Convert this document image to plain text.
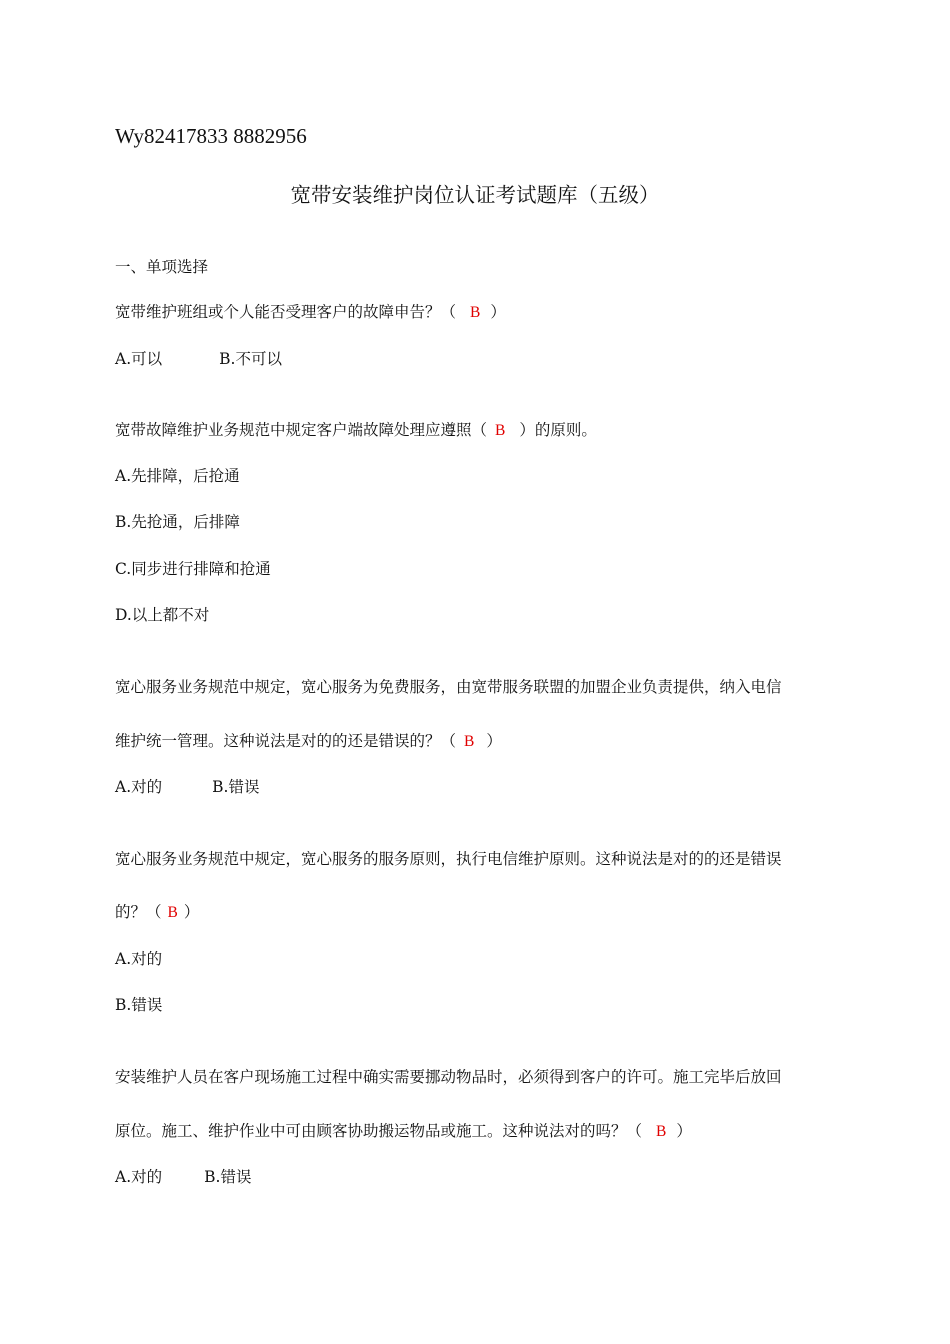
Wy82417833 8882956
宽带安装维护岗位认证考试题库（五级）
一、单项选择
宽带维护班组或个人能否受理客户的故障申告？（ B ）
A.可以	B.不可以
宽带故障维护业务规范中规定客户端故障处理应遵照（ B ）的原则。
A.先排障，后抢通
B.先抢通，后排障
C.同步进行排障和抢通
D.以上都不对
宽心服务业务规范中规定，宽心服务为免费服务，由宽带服务联盟的加盟企业负责提供，纳入电信
维护统一管理。这种说法是对的的还是错误的？（ B ）
A.对的	B.错误
宽心服务业务规范中规定，宽心服务的服务原则，执行电信维护原则。这种说法是对的的还是错误
的？（ B ）
A.对的
B.错误
安装维护人员在客户现场施工过程中确实需要挪动物品时，必须得到客户的许可。施工完毕后放回
原位。施工、维护作业中可由顾客协助搬运物品或施工。这种说法对的吗？（ B ）
A.对的	B.错误
